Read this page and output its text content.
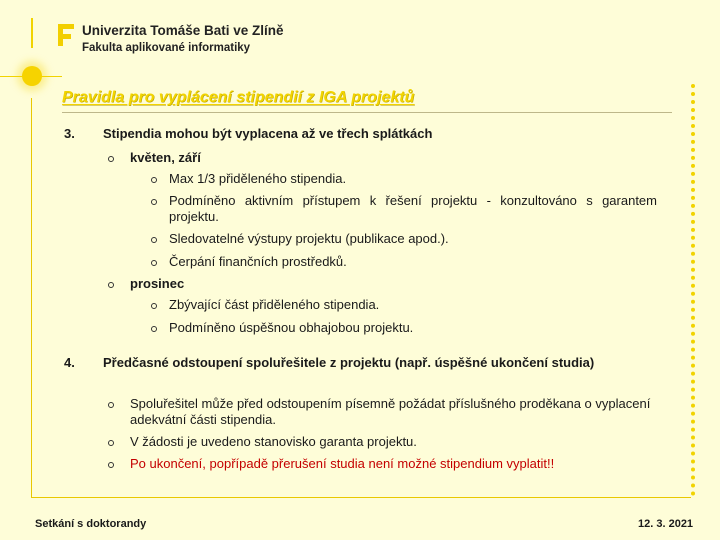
Univerzita Tomáše Bati ve Zlíně
Fakulta aplikované informatiky
Pravidla pro vyplácení stipendií z IGA projektů
3. Stipendia mohou být vyplacena až ve třech splátkách
květen, září
Max 1/3 přiděleného stipendia.
Podmíněno aktivním přístupem k řešení projektu - konzultováno s garantem projektu.
Sledovatelné výstupy projektu (publikace apod.).
Čerpání finančních prostředků.
prosinec
Zbývající část přiděleného stipendia.
Podmíněno úspěšnou obhajobou projektu.
4. Předčasné odstoupení spoluřešitele z projektu (např. úspěšné ukončení studia)
Spoluřešitel může před odstoupením písemně požádat příslušného proděkana o vyplacení adekvátní části stipendia.
V žádosti je uvedeno stanovisko garanta projektu.
Po ukončení, popřípadě přerušení studia není možné stipendium vyplatit!!
Setkání s doktorandy	12. 3. 2021
